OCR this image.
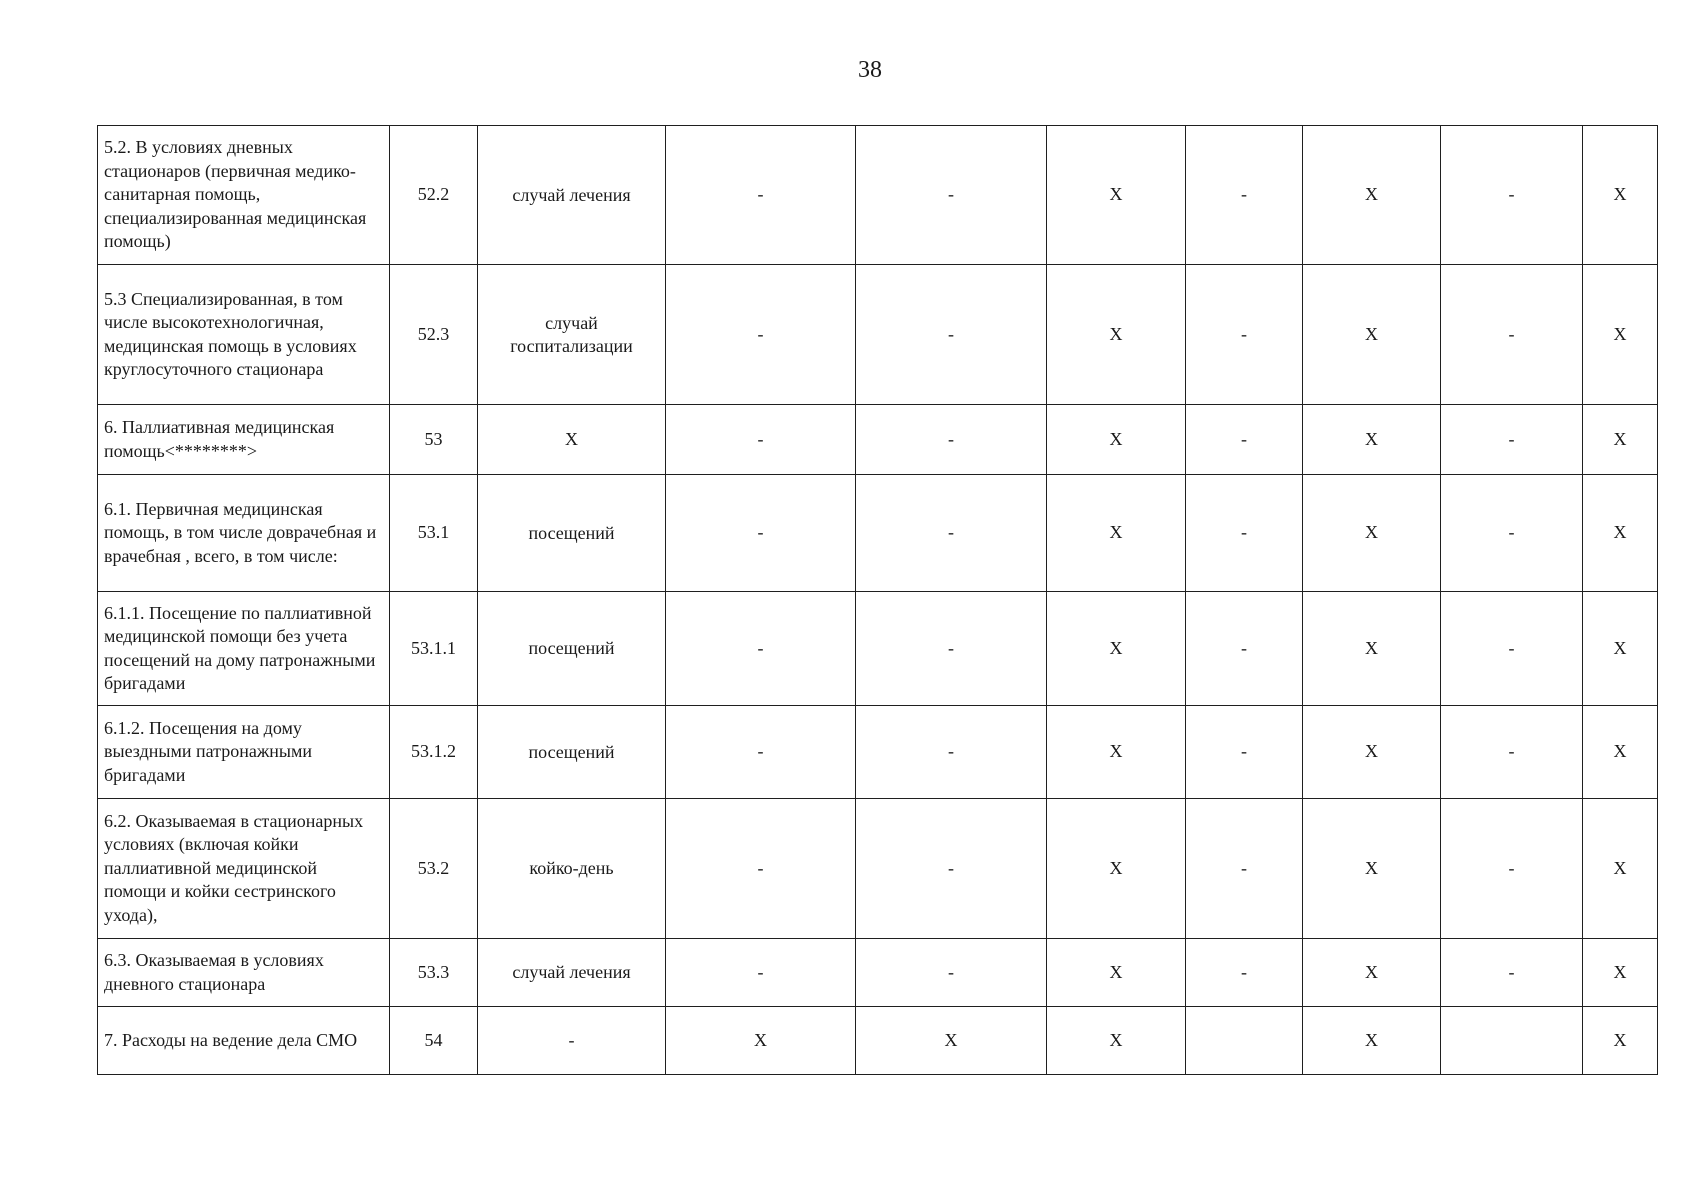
38
5.2. В условиях дневных стационаров (первичная медико-санитарная помощь, специализированная медицинская помощь)	52.2	случай лечения	-	-	X	-	X	-	X
5.3 Специализированная, в том числе высокотехнологичная, медицинская помощь в условиях круглосуточного стационара	52.3	случай госпитализации	-	-	X	-	X	-	X
6. Паллиативная медицинская помощь<********>	53	X	-	-	X	-	X	-	X
6.1. Первичная медицинская помощь, в том числе доврачебная и врачебная , всего, в том числе:	53.1	посещений	-	-	X	-	X	-	X
6.1.1. Посещение по паллиативной медицинской помощи без учета посещений на дому патронажными бригадами	53.1.1	посещений	-	-	X	-	X	-	X
6.1.2. Посещения на дому выездными патронажными бригадами	53.1.2	посещений	-	-	X	-	X	-	X
6.2. Оказываемая в стационарных условиях (включая койки паллиативной медицинской помощи и койки сестринского ухода),	53.2	койко-день	-	-	X	-	X	-	X
6.3. Оказываемая в условиях дневного стационара	53.3	случай лечения	-	-	X	-	X	-	X
7. Расходы на ведение дела СМО	54	-	X	X	X		X		X
